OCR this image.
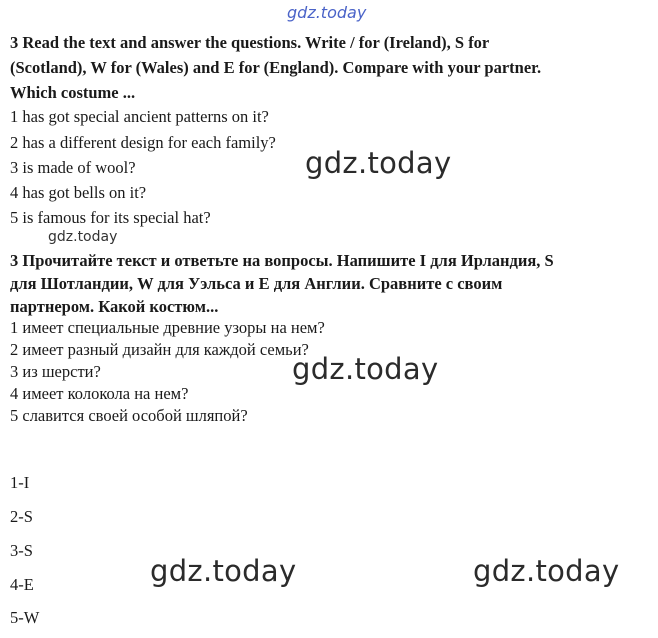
gdz.today
3 Read the text and answer the questions. Write / for (Ireland), S for
(Scotland), W for (Wales) and E for (England). Compare with your partner.
Which costume ...
1 has got special ancient patterns on it?
2 has a different design for each family?
3 is made of wool?
4 has got bells on it?
5 is famous for its special hat?
gdz.today
gdz.today
3 Прочитайте текст и ответьте на вопросы. Напишите I для Ирландия, S
для Шотландии, W для Уэльса и E для Англии. Сравните с своим
партнером. Какой костюм...
1 имеет специальные древние узоры на нем?
2 имеет разный дизайн для каждой семьи?
3 из шерсти?
4 имеет колокола на нем?
5 славится своей особой шляпой?
gdz.today
1-I
2-S
3-S
4-E
5-W
gdz.today	gdz.today
